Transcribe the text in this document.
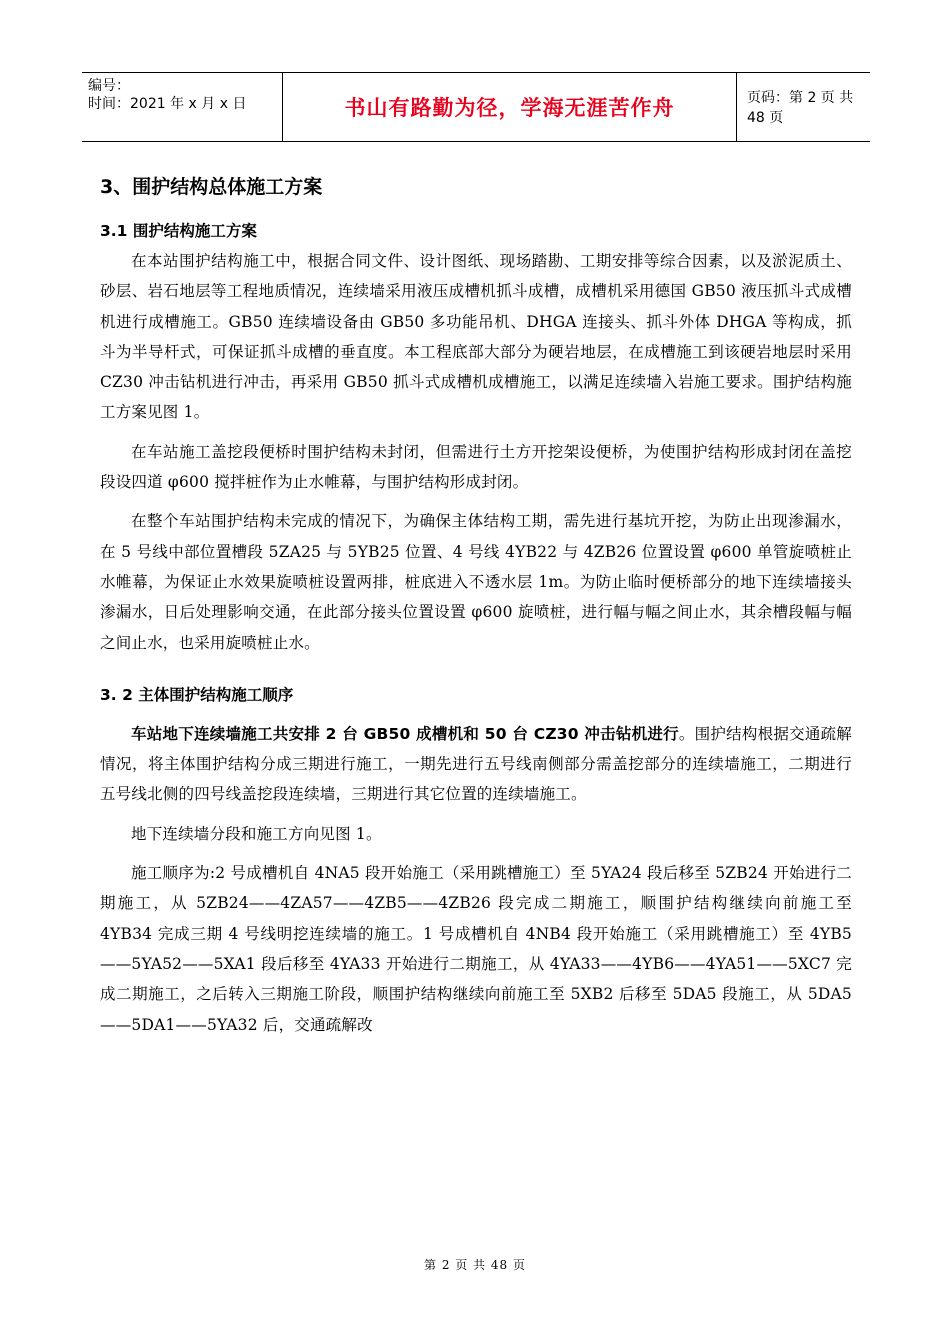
编号：
时间：2021 年 x 月 x 日	书山有路勤为径，学海无涯苦作舟	页码：第 2 页 共 48 页
3、围护结构总体施工方案
3.1 围护结构施工方案

在本站围护结构施工中，根据合同文件、设计图纸、现场踏勘、工期安排等综合因素，以及淤泥质土、砂层、岩石地层等工程地质情况，连续墙采用液压成槽机抓斗成槽，成槽机采用德国 GB50 液压抓斗式成槽机进行成槽施工。GB50 连续墙设备由 GB50 多功能吊机、DHGA 连接头、抓斗外体 DHGA 等构成，抓斗为半导杆式，可保证抓斗成槽的垂直度。本工程底部大部分为硬岩地层，在成槽施工到该硬岩地层时采用 CZ30 冲击钻机进行冲击，再采用 GB50 抓斗式成槽机成槽施工，以满足连续墙入岩施工要求。围护结构施工方案见图 1。

在车站施工盖挖段便桥时围护结构未封闭，但需进行土方开挖架设便桥，为使围护结构形成封闭在盖挖段设四道 φ600 搅拌桩作为止水帷幕，与围护结构形成封闭。

在整个车站围护结构未完成的情况下，为确保主体结构工期，需先进行基坑开挖，为防止出现渗漏水，在 5 号线中部位置槽段 5ZA25 与 5YB25 位置、4 号线 4YB22 与 4ZB26 位置设置 φ600 单管旋喷桩止水帷幕，为保证止水效果旋喷桩设置两排，桩底进入不透水层 1m。为防止临时便桥部分的地下连续墙接头渗漏水，日后处理影响交通，在此部分接头位置设置 φ600 旋喷桩，进行幅与幅之间止水，其余槽段幅与幅之间止水，也采用旋喷桩止水。

3. 2 主体围护结构施工顺序

车站地下连续墙施工共安排 2 台 GB50 成槽机和 50 台 CZ30 冲击钻机进行。围护结构根据交通疏解情况，将主体围护结构分成三期进行施工，一期先进行五号线南侧部分需盖挖部分的连续墙施工，二期进行五号线北侧的四号线盖挖段连续墙，三期进行其它位置的连续墙施工。

地下连续墙分段和施工方向见图 1。

施工顺序为:2 号成槽机自 4NA5 段开始施工（采用跳槽施工）至 5YA24 段后移至 5ZB24 开始进行二期施工，从 5ZB24——4ZA57——4ZB5——4ZB26 段完成二期施工，顺围护结构继续向前施工至 4YB34 完成三期 4 号线明挖连续墙的施工。1 号成槽机自 4NB4 段开始施工（采用跳槽施工）至 4YB5——5YA52——5XA1 段后移至 4YA33 开始进行二期施工，从 4YA33——4YB6——4YA51——5XC7 完成二期施工，之后转入三期施工阶段，顺围护结构继续向前施工至 5XB2 后移至 5DA5 段施工，从 5DA5——5DA1——5YA32 后，交通疏解改

第 2 页 共 48 页
